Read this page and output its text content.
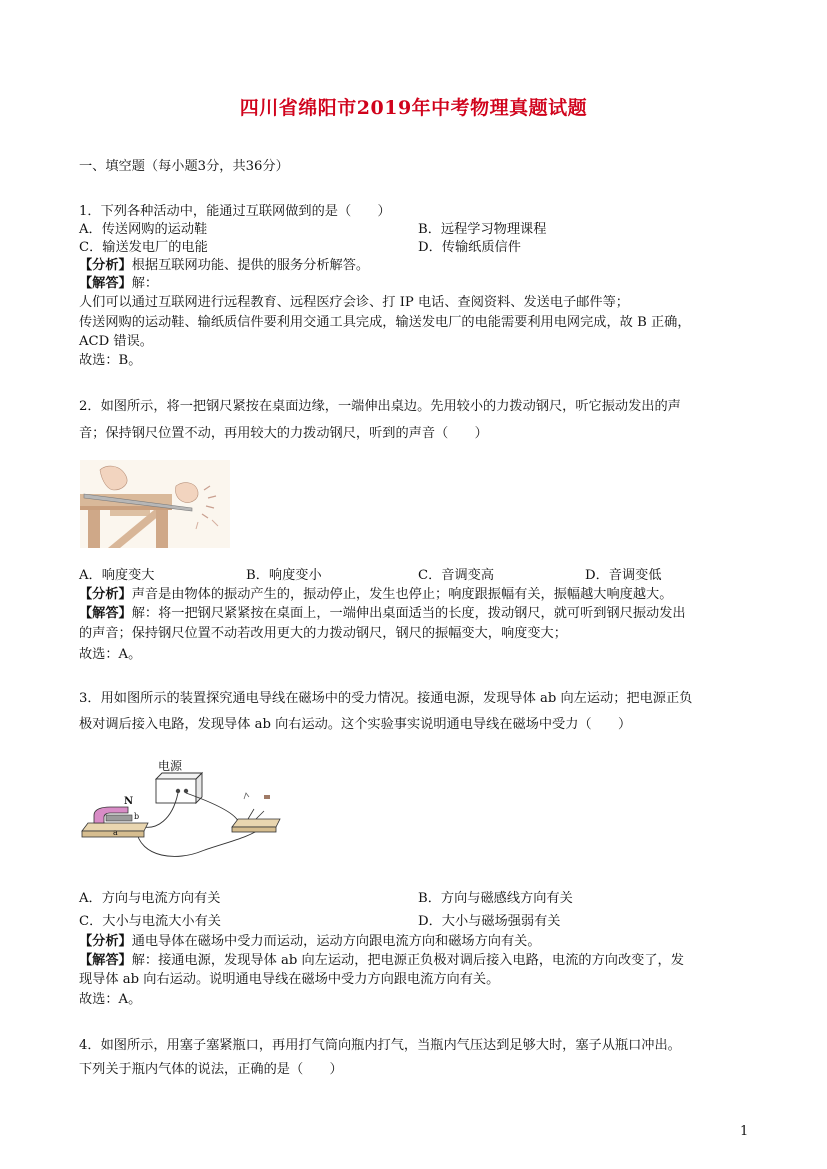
四川省绵阳市2019年中考物理真题试题
一、填空题（每小题3分，共36分）
1．下列各种活动中，能通过互联网做到的是（　　）
A．传送网购的运动鞋	B．远程学习物理课程
C．输送发电厂的电能	D．传输纸质信件
【分析】根据互联网功能、提供的服务分析解答。
【解答】解：
人们可以通过互联网进行远程教育、远程医疗会诊、打 IP 电话、查阅资料、发送电子邮件等；
传送网购的运动鞋、输纸质信件要利用交通工具完成，输送发电厂的电能需要利用电网完成，故 B 正确，
ACD 错误。
故选：B。
2．如图所示，将一把钢尺紧按在桌面边缘，一端伸出桌边。先用较小的力拨动钢尺，听它振动发出的声
音；保持钢尺位置不动，再用较大的力拨动钢尺，听到的声音（　　）
A．响度变大	B．响度变小	C．音调变高	D．音调变低
【分析】声音是由物体的振动产生的，振动停止，发生也停止；响度跟振幅有关，振幅越大响度越大。
【解答】解：将一把钢尺紧紧按在桌面上，一端伸出桌面适当的长度，拨动钢尺，就可听到钢尺振动发出
的声音；保持钢尺位置不动若改用更大的力拨动钢尺，钢尺的振幅变大，响度变大；
故选：A。
3．用如图所示的装置探究通电导线在磁场中的受力情况。接通电源，发现导体 ab 向左运动；把电源正负
极对调后接入电路，发现导体 ab 向右运动。这个实验事实说明通电导线在磁场中受力（　　）
电源
N
b
a
A．方向与电流方向有关	B．方向与磁感线方向有关
C．大小与电流大小有关	D．大小与磁场强弱有关
【分析】通电导体在磁场中受力而运动，运动方向跟电流方向和磁场方向有关。
【解答】解：接通电源，发现导体 ab 向左运动，把电源正负极对调后接入电路，电流的方向改变了，发
现导体 ab 向右运动。说明通电导线在磁场中受力方向跟电流方向有关。
故选：A。
4．如图所示，用塞子塞紧瓶口，再用打气筒向瓶内打气，当瓶内气压达到足够大时，塞子从瓶口冲出。
下列关于瓶内气体的说法，正确的是（　　）
1
